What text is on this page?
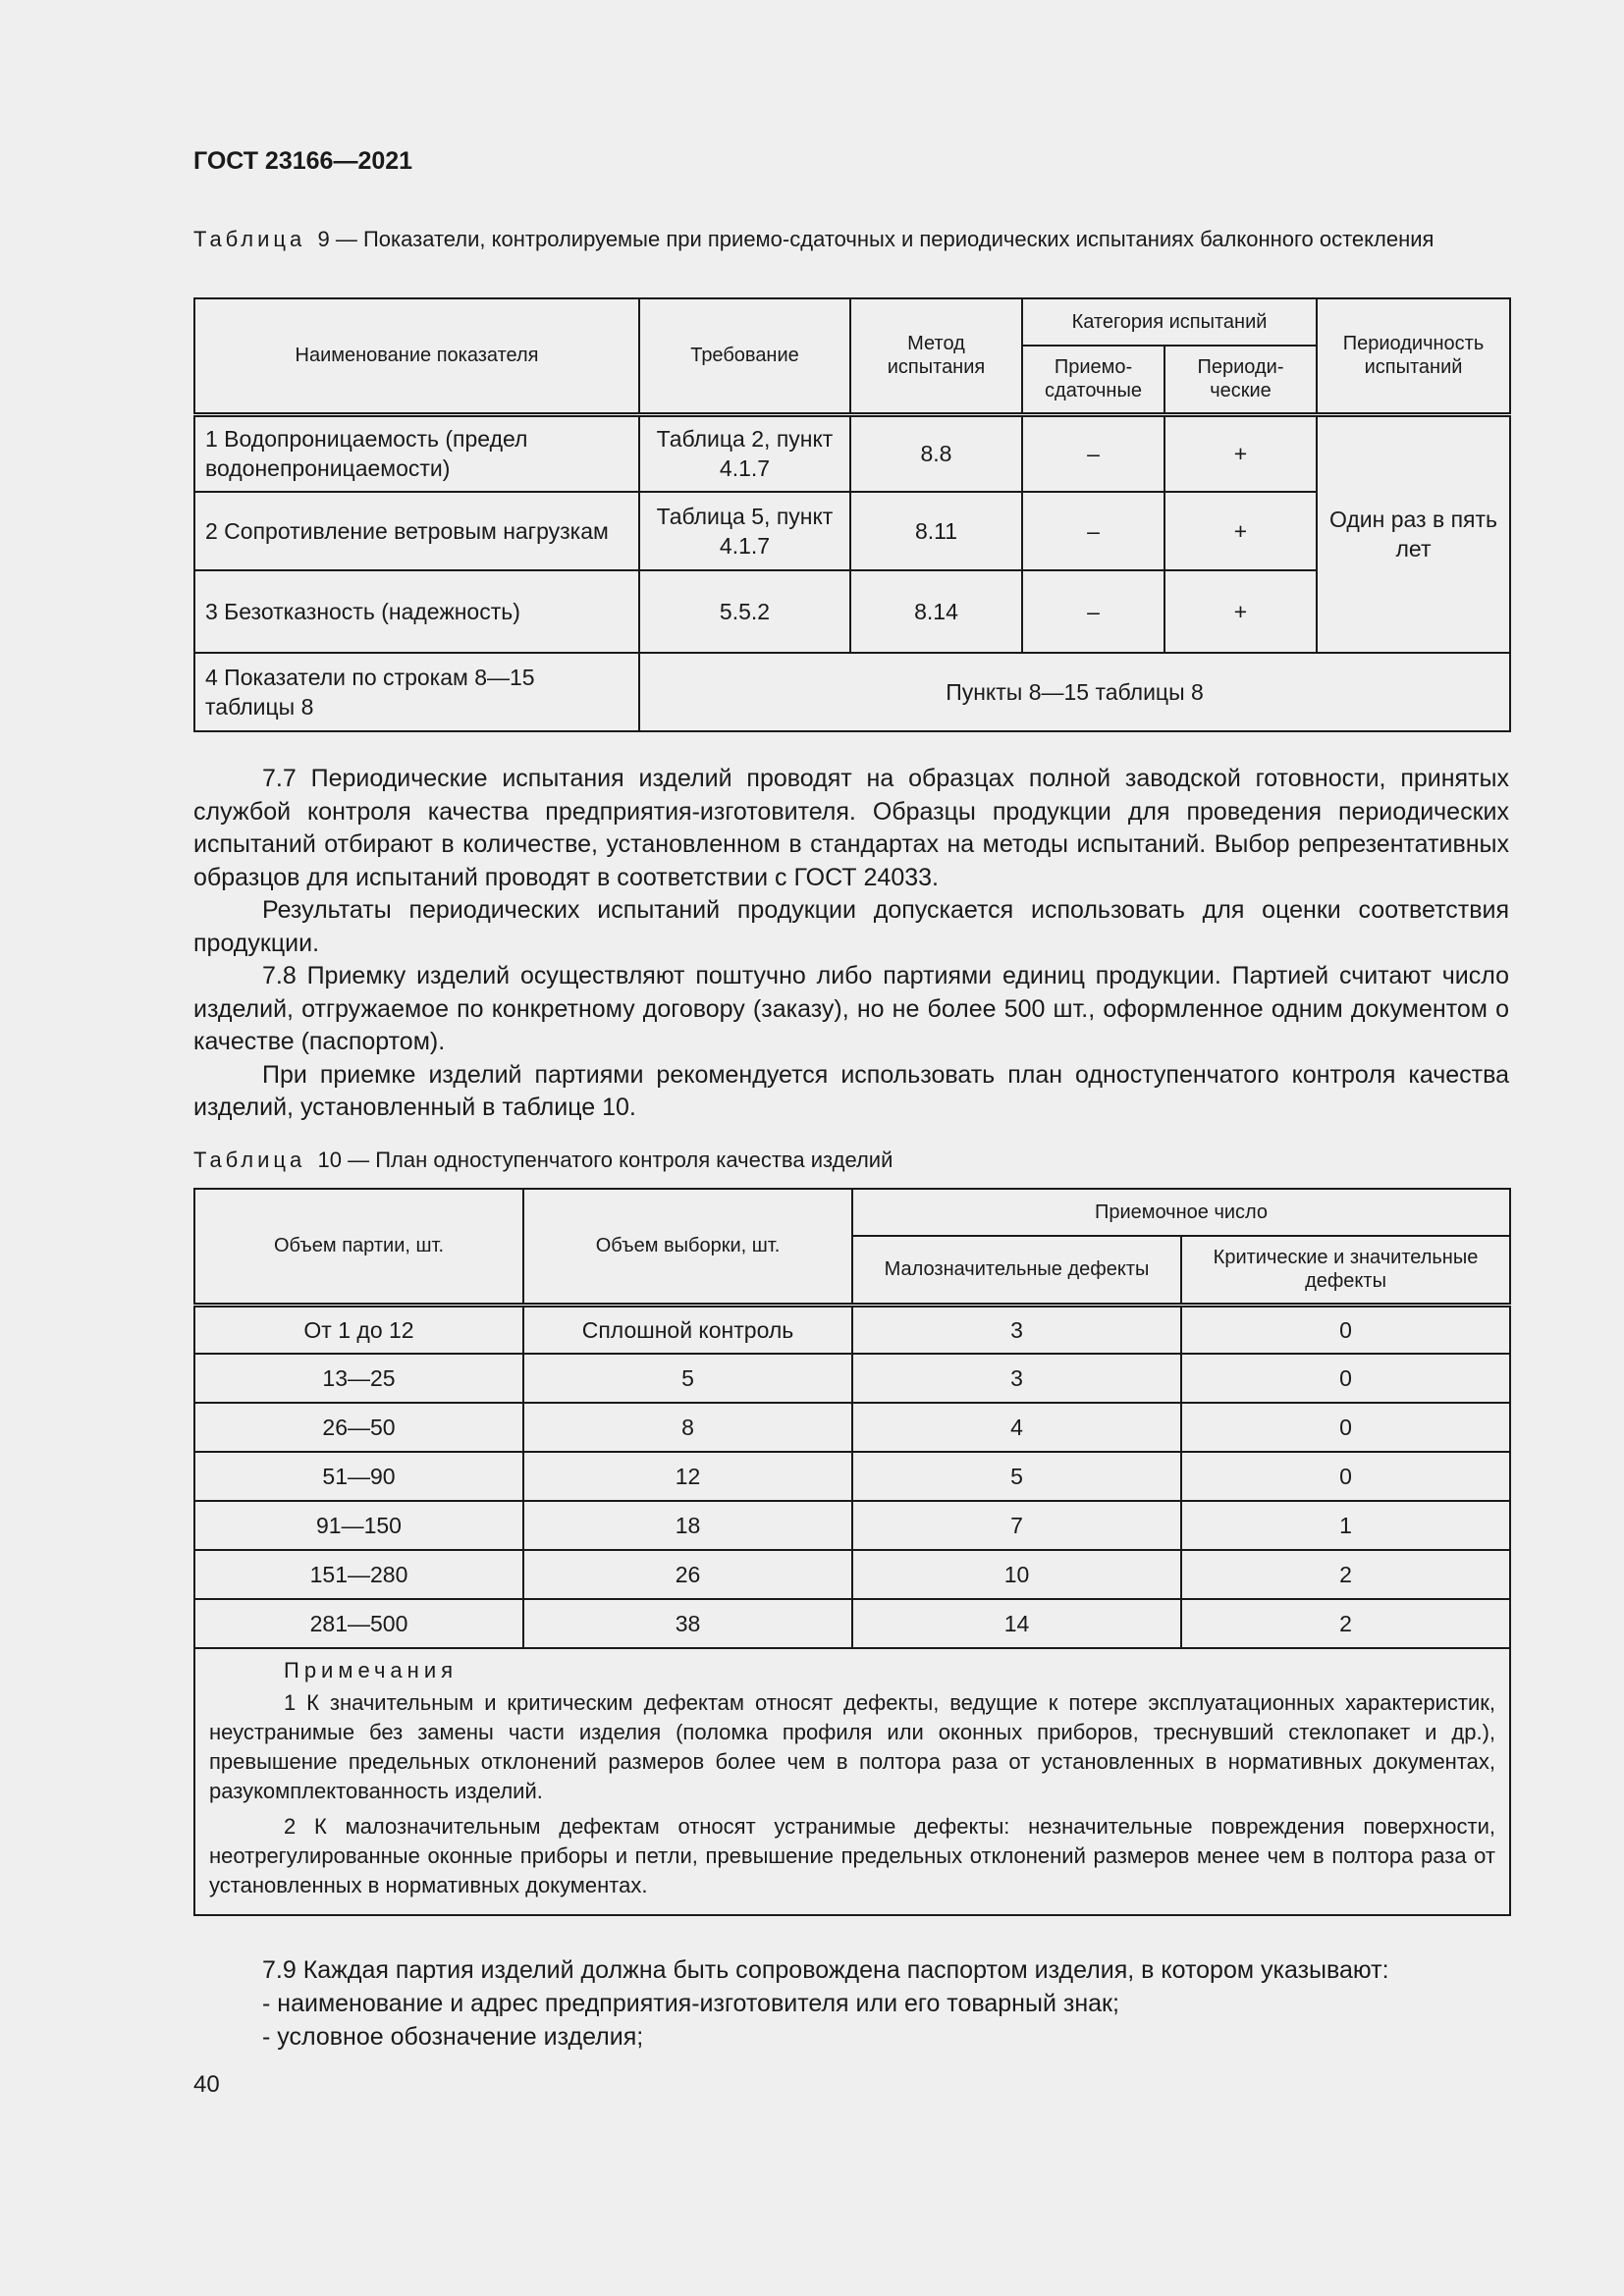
ГОСТ 23166—2021
Таблица 9 — Показатели, контролируемые при приемо-сдаточных и периодических испытаниях балконного остекления
Наименование показателя	Требование	Метод испытания	Категория испытаний		Периодичность испытаний
			Приемо-сдаточные	Периоди-ческие	
1 Водопроницаемость (предел водонепроницаемости)	Таблица 2, пункт 4.1.7	8.8	–	+	Один раз в пять лет
2 Сопротивление ветровым нагрузкам	Таблица 5, пункт 4.1.7	8.11	–	+	
3 Безотказность (надежность)	5.5.2	8.14	–	+	
4 Показатели по строкам 8—15 таблицы 8	Пункты 8—15 таблицы 8				

7.7 Периодические испытания изделий проводят на образцах полной заводской готовности, принятых службой контроля качества предприятия-изготовителя. Образцы продукции для проведения периодических испытаний отбирают в количестве, установленном в стандартах на методы испытаний. Выбор репрезентативных образцов для испытаний проводят в соответствии с ГОСТ 24033.

Результаты периодических испытаний продукции допускается использовать для оценки соответствия продукции.

7.8 Приемку изделий осуществляют поштучно либо партиями единиц продукции. Партией считают число изделий, отгружаемое по конкретному договору (заказу), но не более 500 шт., оформленное одним документом о качестве (паспортом).

При приемке изделий партиями рекомендуется использовать план одноступенчатого контроля качества изделий, установленный в таблице 10.

Таблица 10 — План одноступенчатого контроля качества изделий
Объем партии, шт.	Объем выборки, шт.	Приемочное число	
		Малозначительные дефекты	Критические и значительные дефекты
От 1 до 12	Сплошной контроль	3	0
13—25	5	3	0
26—50	8	4	0
51—90	12	5	0
91—150	18	7	1
151—280	26	10	2
281—500	38	14	2

Примечания

1 К значительным и критическим дефектам относят дефекты, ведущие к потере эксплуатационных характеристик, неустранимые без замены части изделия (поломка профиля или оконных приборов, треснувший стеклопакет и др.), превышение предельных отклонений размеров более чем в полтора раза от установленных в нормативных документах, разукомплектованность изделий.

2 К малозначительным дефектам относят устранимые дефекты: незначительные повреждения поверхности, неотрегулированные оконные приборы и петли, превышение предельных отклонений размеров менее чем в полтора раза от установленных в нормативных документах.			

7.9 Каждая партия изделий должна быть сопровождена паспортом изделия, в котором указывают:

- наименование и адрес предприятия-изготовителя или его товарный знак;

- условное обозначение изделия;

40
